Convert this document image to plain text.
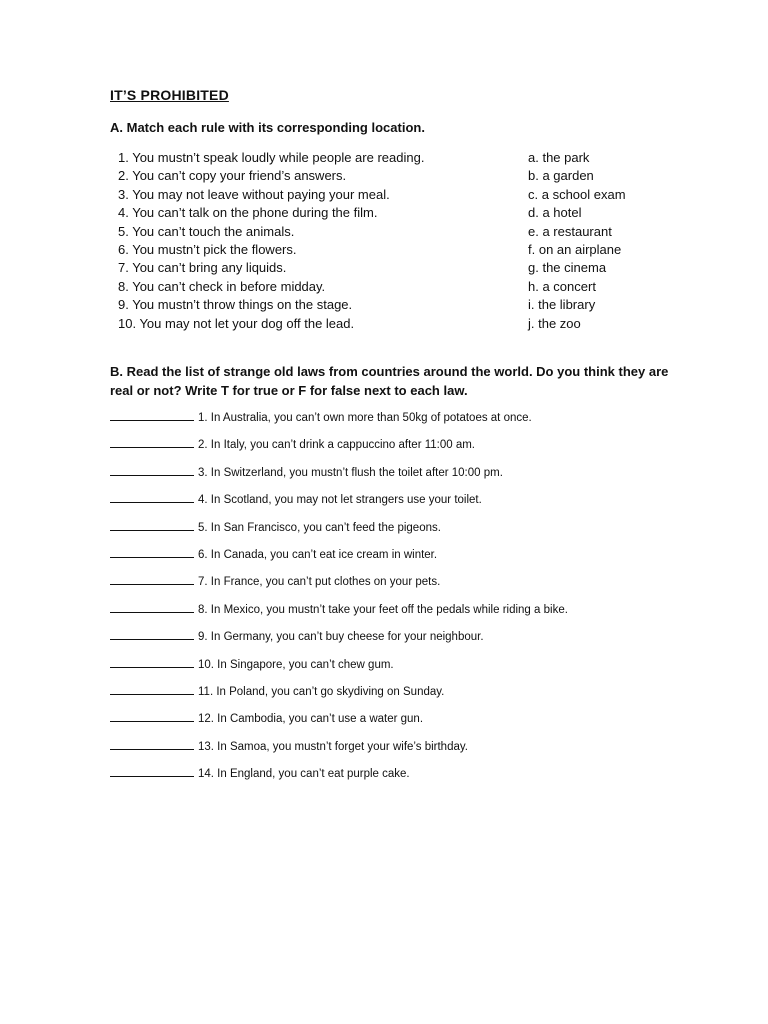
IT’S PROHIBITED
A. Match each rule with its corresponding location.
1. You mustn’t speak loudly while people are reading.
2. You can’t copy your friend’s answers.
3. You may not leave without paying your meal.
4. You can’t talk on the phone during the film.
5. You can’t touch the animals.
6. You mustn’t pick the flowers.
7. You can’t bring any liquids.
8. You can’t check in before midday.
9. You mustn’t throw things on the stage.
10. You may not let your dog off the lead.
a. the park
b. a garden
c. a school exam
d. a hotel
e. a restaurant
f. on an airplane
g. the cinema
h. a concert
i. the library
j. the zoo
B. Read the list of strange old laws from countries around the world. Do you think they are real or not? Write T for true or F for false next to each law.
1. In Australia, you can’t own more than 50kg of potatoes at once.
2. In Italy, you can’t drink a cappuccino after 11:00 am.
3. In Switzerland, you mustn’t flush the toilet after 10:00 pm.
4. In Scotland, you may not let strangers use your toilet.
5. In San Francisco, you can’t feed the pigeons.
6. In Canada, you can’t eat ice cream in winter.
7. In France, you can’t put clothes on your pets.
8. In Mexico, you mustn’t take your feet off the pedals while riding a bike.
9. In Germany, you can’t buy cheese for your neighbour.
10. In Singapore, you can’t chew gum.
11. In Poland, you can’t go skydiving on Sunday.
12. In Cambodia, you can’t use a water gun.
13. In Samoa, you mustn’t forget your wife’s birthday.
14. In England, you can’t eat purple cake.
